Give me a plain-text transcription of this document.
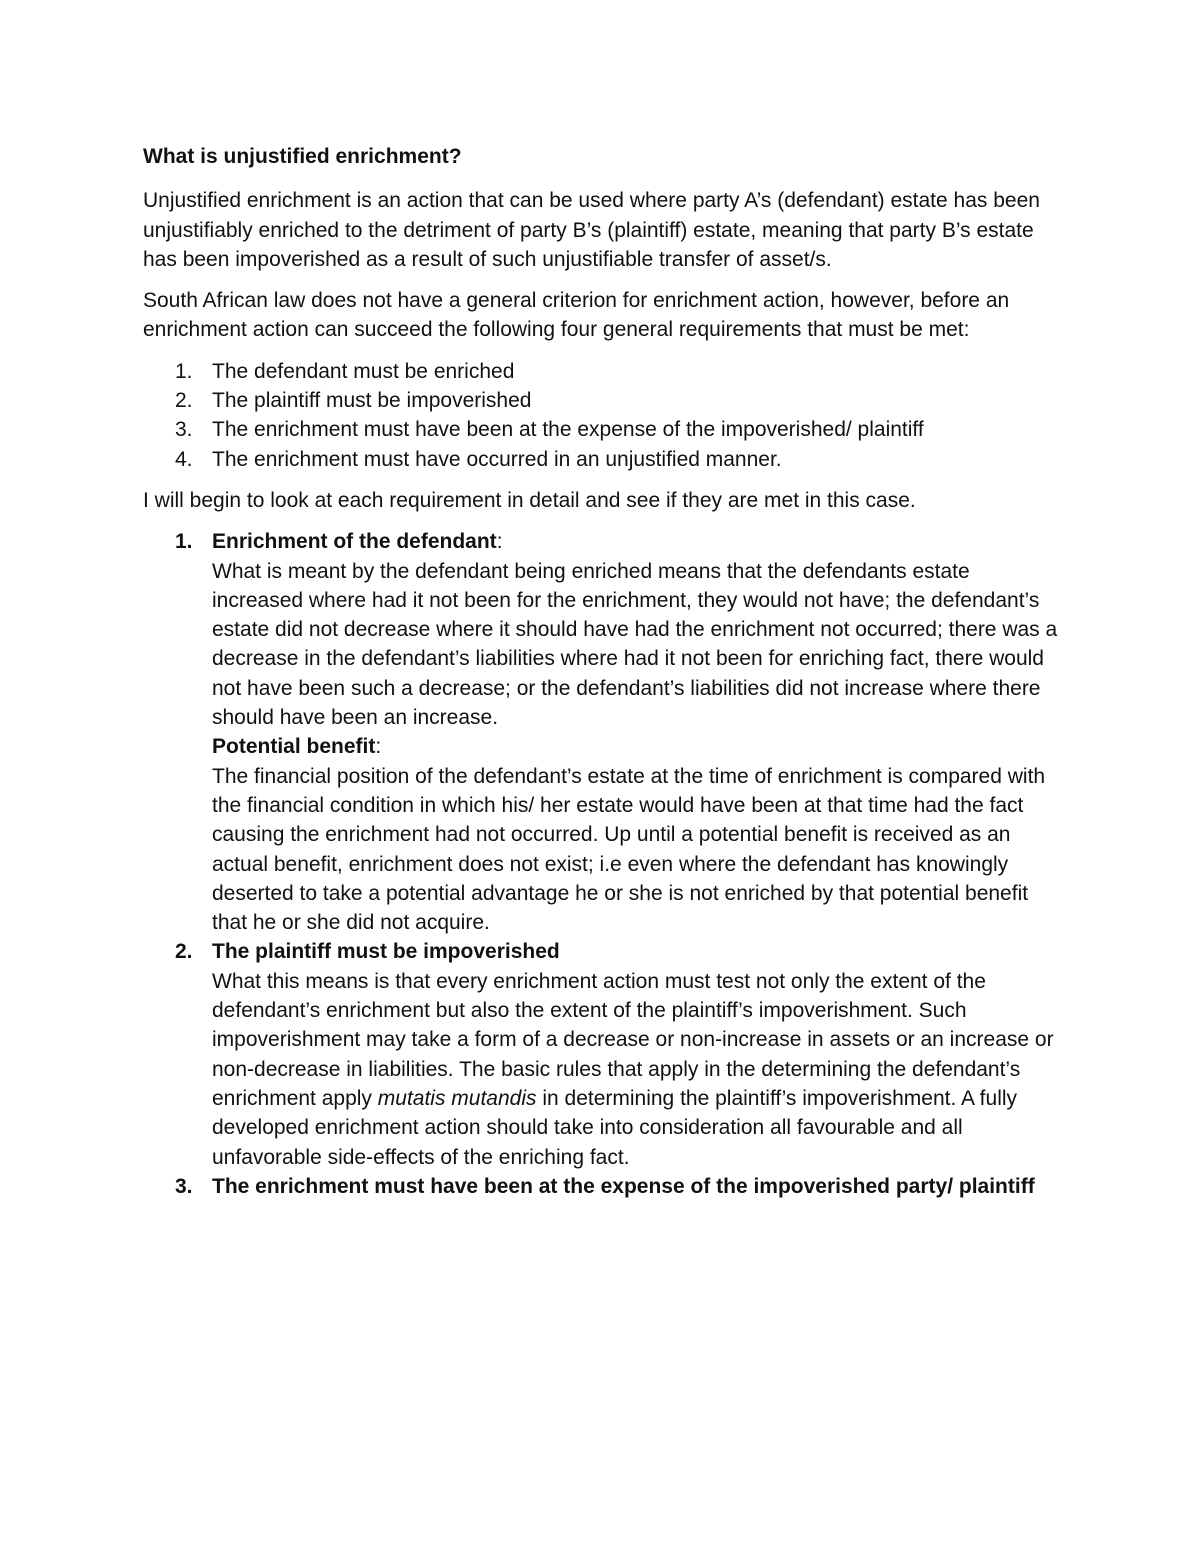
What is unjustified enrichment?

Unjustified enrichment is an action that can be used where party A’s (defendant) estate has been unjustifiably enriched to the detriment of party B’s (plaintiff) estate, meaning that party B’s estate has been impoverished as a result of such unjustifiable transfer of asset/s.

South African law does not have a general criterion for enrichment action, however, before an enrichment action can succeed the following four general requirements that must be met:

1. The defendant must be enriched
2. The plaintiff must be impoverished
3. The enrichment must have been at the expense of the impoverished/ plaintiff
4. The enrichment must have occurred in an unjustified manner.

I will begin to look at each requirement in detail and see if they are met in this case.

1. Enrichment of the defendant:
What is meant by the defendant being enriched means that the defendants estate increased where had it not been for the enrichment, they would not have; the defendant’s estate did not decrease where it should have had the enrichment not occurred; there was a decrease in the defendant’s liabilities where had it not been for enriching fact, there would not have been such a decrease; or the defendant’s liabilities did not increase where there should have been an increase.
Potential benefit:
The financial position of the defendant’s estate at the time of enrichment is compared with the financial condition in which his/ her estate would have been at that time had the fact causing the enrichment had not occurred. Up until a potential benefit is received as an actual benefit, enrichment does not exist; i.e even where the defendant has knowingly deserted to take a potential advantage he or she is not enriched by that potential benefit that he or she did not acquire.
2. The plaintiff must be impoverished
What this means is that every enrichment action must test not only the extent of the defendant’s enrichment but also the extent of the plaintiff’s impoverishment. Such impoverishment may take a form of a decrease or non-increase in assets or an increase or non-decrease in liabilities. The basic rules that apply in the determining the defendant’s enrichment apply mutatis mutandis in determining the plaintiff’s impoverishment. A fully developed enrichment action should take into consideration all favourable and all unfavorable side-effects of the enriching fact.
3. The enrichment must have been at the expense of the impoverished party/ plaintiff
